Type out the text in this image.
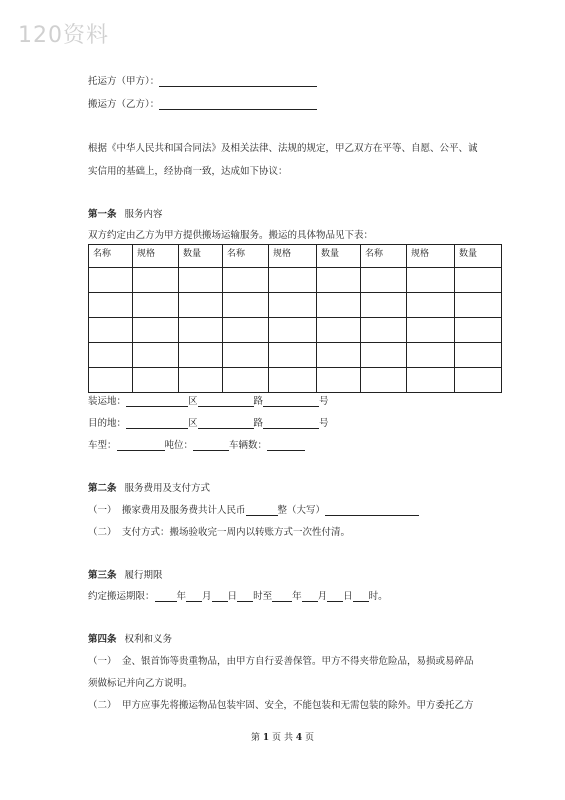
120资料
托运方（甲方）：
搬运方（乙方）：
根据《中华人民共和国合同法》及相关法律、法规的规定，甲乙双方在平等、自愿、公平、诚
实信用的基础上，经协商一致，达成如下协议：
第一条 服务内容
双方约定由乙方为甲方提供搬场运输服务。搬运的具体物品见下表：
名称	规格	数量	名称	规格	数量	名称	规格	数量

装运地：	区	路	号
目的地：	区	路	号
车型：	吨位：	车辆数：
第二条 服务费用及支付方式
（一） 搬家费用及服务费共计人民币	整（大写）
（二） 支付方式：搬场验收完一周内以转账方式一次性付清。
第三条 履行期限
约定搬运期限： 年 月 日 时至 年 月 日 时。
第四条 权利和义务
（一） 金、银首饰等贵重物品，由甲方自行妥善保管。甲方不得夹带危险品，易损或易碎品
须做标记并向乙方说明。
（二） 甲方应事先将搬运物品包装牢固、安全，不能包装和无需包装的除外。甲方委托乙方
第 1 页 共 4 页
